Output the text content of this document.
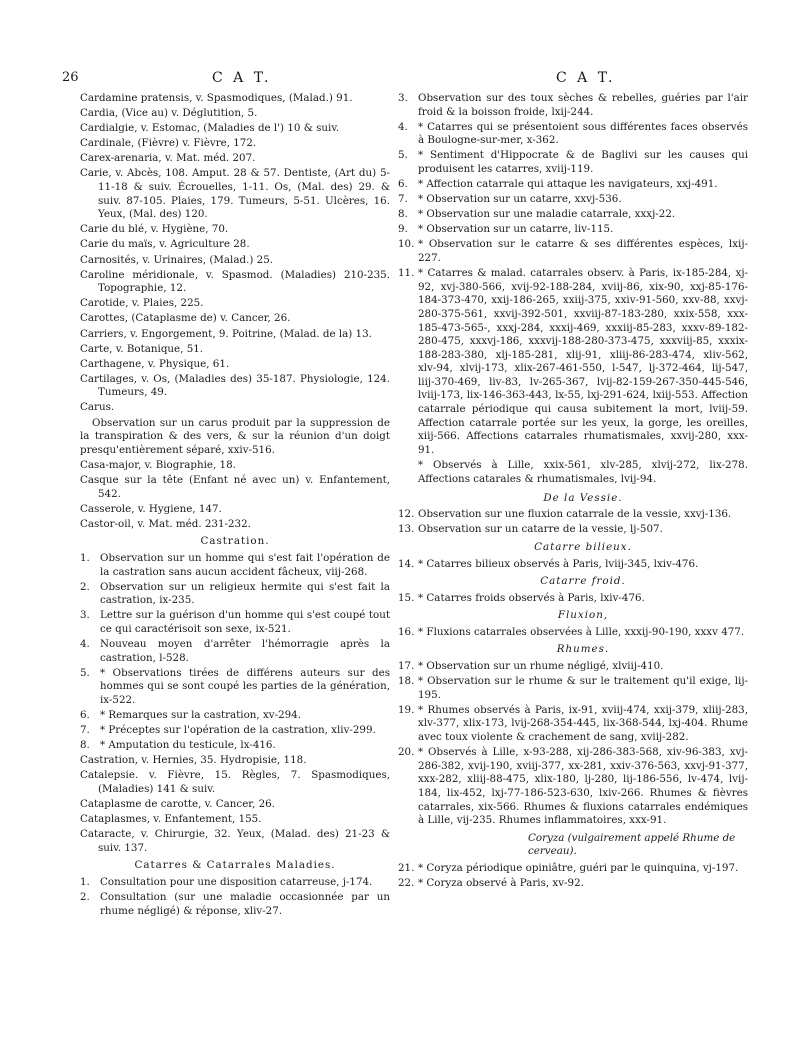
26	C A T.	C A T.
Cardamine pratensis, v. Spasmodiques, (Malad.) 91.
Cardia, (Vice au) v. Déglutition, 5.
Cardialgie, v. Estomac, (Maladies de l') 10 & suiv.
Cardinale, (Fièvre) v. Fièvre, 172.
Carex-arenaria, v. Mat. méd. 207.
Carie, v. Abcès, 108. Amput. 28 & 57. Dentiste, (Art du) 5-11-18 & suiv. Écrouelles, 1-11. Os, (Mal. des) 29. & suiv. 87-105. Plaies, 179. Tumeurs, 5-51. Ulcères, 16. Yeux, (Mal. des) 120.
Carie du blé, v. Hygiène, 70.
Carie du maïs, v. Agriculture 28.
Carnosités, v. Urinaires, (Malad.) 25.
Caroline méridionale, v. Spasmod. (Maladies) 210-235. Topographie, 12.
Carotide, v. Plaies, 225.
Carottes, (Cataplasme de) v. Cancer, 26.
Carriers, v. Engorgement, 9. Poitrine, (Malad. de la) 13.
Carte, v. Botanique, 51.
Carthagene, v. Physique, 61.
Cartilages, v. Os, (Maladies des) 35-187. Physiologie, 124. Tumeurs, 49.
Carus.
Observation sur un carus produit par la suppression de la transpiration & des vers, & sur la réunion d'un doigt presqu'entièrement séparé, xxiv-516.
Casa-major, v. Biographie, 18.
Casque sur la tête (Enfant né avec un) v. Enfantement, 542.
Casserole, v. Hygiene, 147.
Castor-oil, v. Mat. méd. 231-232.
Castration.
1. Observation sur un homme qui s'est fait l'opération de la castration sans aucun accident fâcheux, viij-268.
2. Observation sur un religieux hermite qui s'est fait la castration, ix-235.
3. Lettre sur la guérison d'un homme qui s'est coupé tout ce qui caractérisoit son sexe, ix-521.
4. Nouveau moyen d'arrêter l'hémorragie après la castration, l-528.
5. * Observations tirées de différens auteurs sur des hommes qui se sont coupé les parties de la génération, ix-522.
6. * Remarques sur la castration, xv-294.
7. * Préceptes sur l'opération de la castration, xliv-299.
8. * Amputation du testicule, lx-416.
Castration, v. Hernies, 35. Hydropisie, 118.
Catalepsie. v. Fièvre, 15. Règles, 7. Spasmodiques, (Maladies) 141 & suiv.
Cataplasme de carotte, v. Cancer, 26.
Cataplasmes, v. Enfantement, 155.
Cataracte, v. Chirurgie, 32. Yeux, (Malad. des) 21-23 & suiv. 137.
Catarres & Catarrales Maladies.
1. Consultation pour une disposition catarreuse, j-174.
2. Consultation (sur une maladie occasionnée par un rhume négligé) & réponse, xliv-27.
3. Observation sur des toux sèches & rebelles, guéries par l'air froid & la boisson froide, lxij-244.
4. * Catarres qui se présentoient sous différentes faces observés à Boulogne-sur-mer, x-362.
5. * Sentiment d'Hippocrate & de Baglivi sur les causes qui produisent les catarres, xviij-119.
6. * Affection catarrale qui attaque les navigateurs, xxj-491.
7. * Observation sur un catarre, xxvj-536.
8. * Observation sur une maladie catarrale, xxxj-22.
9. * Observation sur un catarre, liv-115.
10. * Observation sur le catarre & ses différentes espèces, lxij-227.
11. * Catarres & malad. catarrales observ. à Paris, ix-185-284, xj-92, xvj-380-566, xvij-92-188-284, xviij-86, xix-90, xxj-85-176-184-373-470, xxij-186-265, xxiij-375, xxiv-91-560, xxv-88, xxvj-280-375-561, xxvij-392-501, xxviij-87-183-280, xxix-558, xxx-185-473-565-, xxxj-284, xxxij-469, xxxiij-85-283, xxxv-89-182-280-475, xxxvj-186, xxxvij-188-280-373-475, xxxviij-85, xxxix-188-283-380, xlj-185-281, xlij-91, xliij-86-283-474, xliv-562, xlv-94, xlvij-173, xlix-267-461-550, l-547, lj-372-464, lij-547, liij-370-469, liv-83, lv-265-367, lvij-82-159-267-350-445-546, lviij-173, lix-146-363-443, lx-55, lxj-291-624, lxiij-553. Affection catarrale périodique qui causa subitement la mort, lviij-59. Affection catarrale portée sur les yeux, la gorge, les oreilles, xiij-566. Affections catarrales rhumatismales, xxvij-280, xxx-91.
* Observés à Lille, xxix-561, xlv-285, xlvij-272, lix-278. Affections catarales & rhumatismales, lvij-94.
De la Vessie.
12. Observation sur une fluxion catarrale de la vessie, xxvj-136.
13. Observation sur un catarre de la vessie, lj-507.
Catarre bilieux.
14. * Catarres bilieux observés à Paris, lviij-345, lxiv-476.
Catarre froid.
15. * Catarres froids observés à Paris, lxiv-476.
Fluxion,
16. * Fluxions catarrales observées à Lille, xxxij-90-190, xxxv 477.
Rhumes.
17. * Observation sur un rhume négligé, xlviij-410.
18. * Observation sur le rhume & sur le traitement qu'il exige, lij-195.
19. * Rhumes observés à Paris, ix-91, xviij-474, xxij-379, xliij-283, xlv-377, xlix-173, lvij-268-354-445, lix-368-544, lxj-404. Rhume avec toux violente & crachement de sang, xviij-282.
20. * Observés à Lille, x-93-288, xij-286-383-568, xiv-96-383, xvj-286-382, xvij-190, xviij-377, xx-281, xxiv-376-563, xxvj-91-377, xxx-282, xliij-88-475, xlix-180, lj-280, lij-186-556, lv-474, lvij-184, lix-452, lxj-77-186-523-630, lxiv-266. Rhumes & fièvres catarrales, xix-566. Rhumes & fluxions catarrales endémiques à Lille, vij-235. Rhumes inflammatoires, xxx-91.
Coryza (vulgairement appelé Rhume de cerveau).
21. * Coryza périodique opiniâtre, guéri par le quinquina, vj-197.
22. * Coryza observé à Paris, xv-92.
